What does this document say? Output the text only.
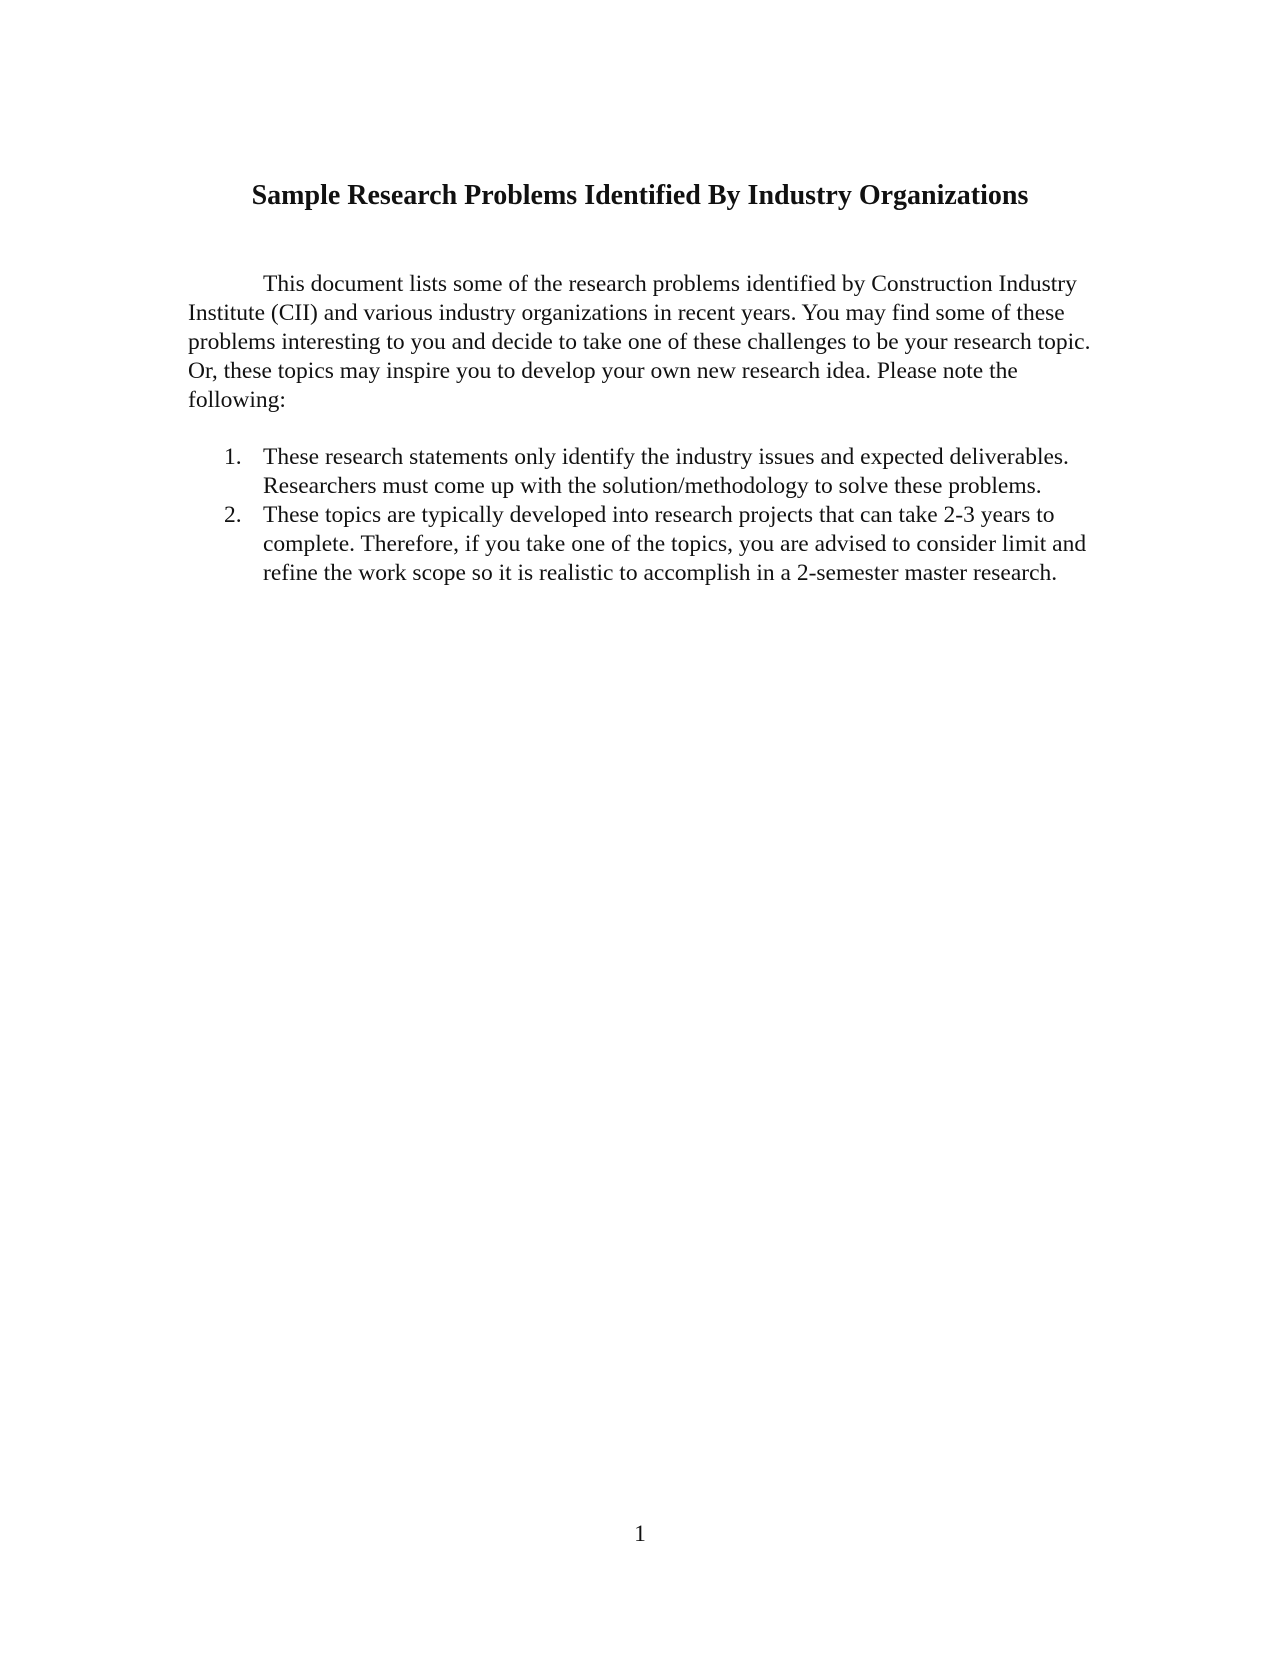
Sample Research Problems Identified By Industry Organizations

This document lists some of the research problems identified by Construction Industry Institute (CII) and various industry organizations in recent years. You may find some of these problems interesting to you and decide to take one of these challenges to be your research topic. Or, these topics may inspire you to develop your own new research idea. Please note the following:

1. These research statements only identify the industry issues and expected deliverables. Researchers must come up with the solution/methodology to solve these problems.
2. These topics are typically developed into research projects that can take 2-3 years to complete. Therefore, if you take one of the topics, you are advised to consider limit and refine the work scope so it is realistic to accomplish in a 2-semester master research.

1
